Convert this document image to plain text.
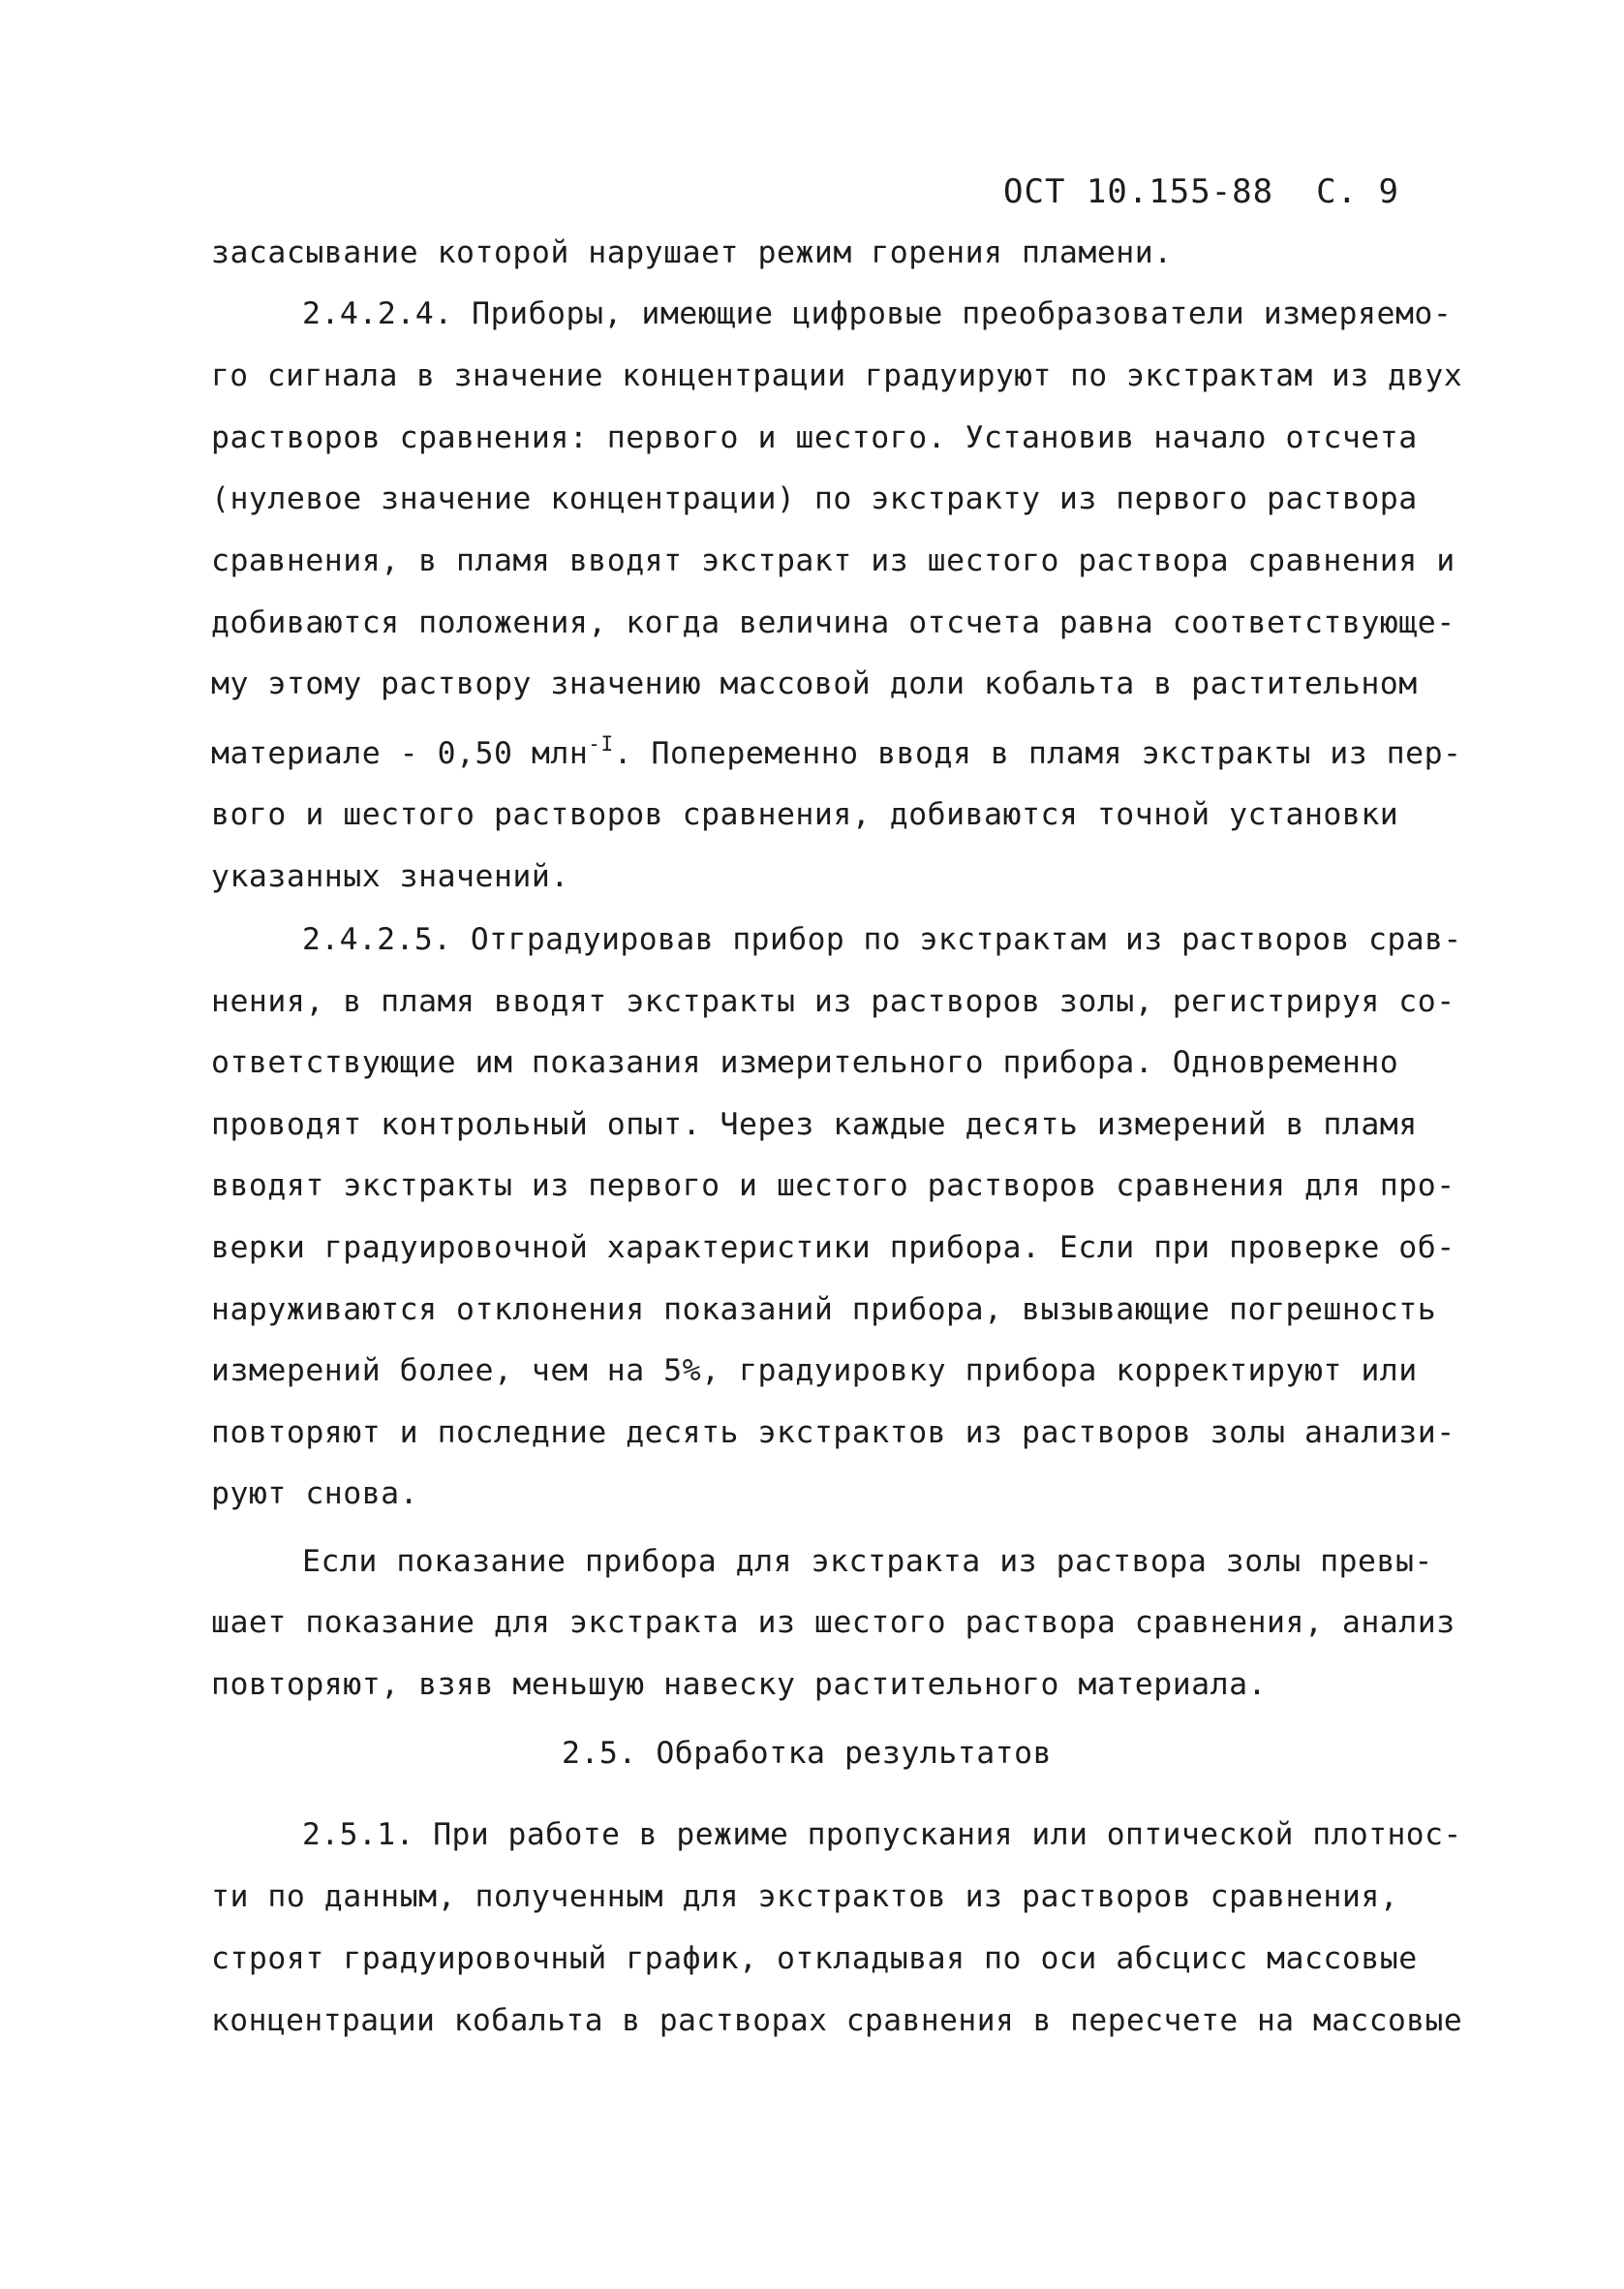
ОСТ 10.155-88 С. 9
засасывание которой нарушает режим горения пламени.
2.4.2.4. Приборы, имеющие цифровые преобразователи измеряемо-
го сигнала в значение концентрации градуируют по экстрактам из двух
растворов сравнения: первого и шестого. Установив начало отсчета
(нулевое значение концентрации) по экстракту из первого раствора
сравнения, в пламя вводят экстракт из шестого раствора сравнения и
добиваются положения, когда величина отсчета равна соответствующе-
му этому раствору значению массовой доли кобальта в растительном
материале - 0,50 млн$^{-I}$. Попеременно вводя в пламя экстракты из пер-
вого и шестого растворов сравнения, добиваются точной установки
указанных значений.
2.4.2.5. Отградуировав прибор по экстрактам из растворов срав-
нения, в пламя вводят экстракты из растворов золы, регистрируя со-
ответствующие им показания измерительного прибора. Одновременно
проводят контрольный опыт. Через каждые десять измерений в пламя
вводят экстракты из первого и шестого растворов сравнения для про-
верки градуировочной характеристики прибора. Если при проверке об-
наруживаются отклонения показаний прибора, вызывающие погрешность
измерений более, чем на 5%, градуировку прибора корректируют или
повторяют и последние десять экстрактов из растворов золы анализи-
руют снова.
Если показание прибора для экстракта из раствора золы превы-
шает показание для экстракта из шестого раствора сравнения, анализ
повторяют, взяв меньшую навеску растительного материала.
2.5. Обработка результатов
2.5.1. При работе в режиме пропускания или оптической плотнос-
ти по данным, полученным для экстрактов из растворов сравнения,
строят градуировочный график, откладывая по оси абсцисс массовые
концентрации кобальта в растворах сравнения в пересчете на массовые
